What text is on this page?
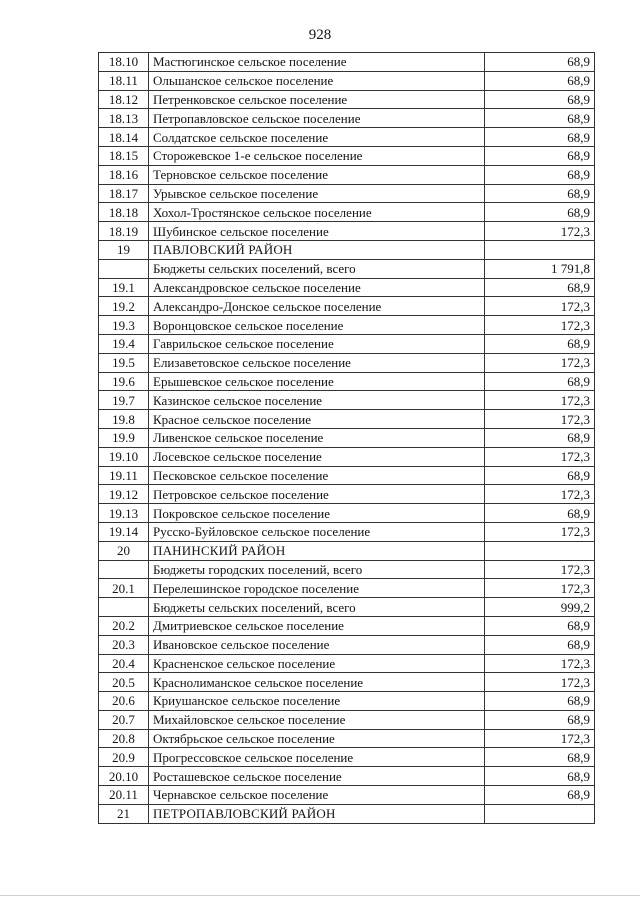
928
18.10	Мастюгинское сельское поселение	68,9
18.11	Ольшанское сельское поселение	68,9
18.12	Петренковское сельское поселение	68,9
18.13	Петропавловское сельское поселение	68,9
18.14	Солдатское сельское поселение	68,9
18.15	Сторожевское 1-е сельское поселение	68,9
18.16	Терновское сельское поселение	68,9
18.17	Урывское сельское поселение	68,9
18.18	Хохол-Тростянское сельское поселение	68,9
18.19	Шубинское сельское поселение	172,3
19	ПАВЛОВСКИЙ РАЙОН	
	Бюджеты сельских поселений, всего	1 791,8
19.1	Александровское сельское поселение	68,9
19.2	Александро-Донское сельское поселение	172,3
19.3	Воронцовское сельское поселение	172,3
19.4	Гаврильское сельское поселение	68,9
19.5	Елизаветовское сельское поселение	172,3
19.6	Ерышевское сельское поселение	68,9
19.7	Казинское сельское поселение	172,3
19.8	Красное сельское поселение	172,3
19.9	Ливенское сельское поселение	68,9
19.10	Лосевское сельское поселение	172,3
19.11	Песковское сельское поселение	68,9
19.12	Петровское сельское поселение	172,3
19.13	Покровское сельское поселение	68,9
19.14	Русско-Буйловское сельское поселение	172,3
20	ПАНИНСКИЙ РАЙОН	
	Бюджеты городских поселений, всего	172,3
20.1	Перелешинское городское поселение	172,3
	Бюджеты сельских поселений, всего	999,2
20.2	Дмитриевское сельское поселение	68,9
20.3	Ивановское сельское поселение	68,9
20.4	Красненское сельское поселение	172,3
20.5	Краснолиманское сельское поселение	172,3
20.6	Криушанское сельское поселение	68,9
20.7	Михайловское сельское поселение	68,9
20.8	Октябрьское сельское поселение	172,3
20.9	Прогрессовское сельское поселение	68,9
20.10	Росташевское сельское поселение	68,9
20.11	Чернавское сельское поселение	68,9
21	ПЕТРОПАВЛОВСКИЙ РАЙОН	
